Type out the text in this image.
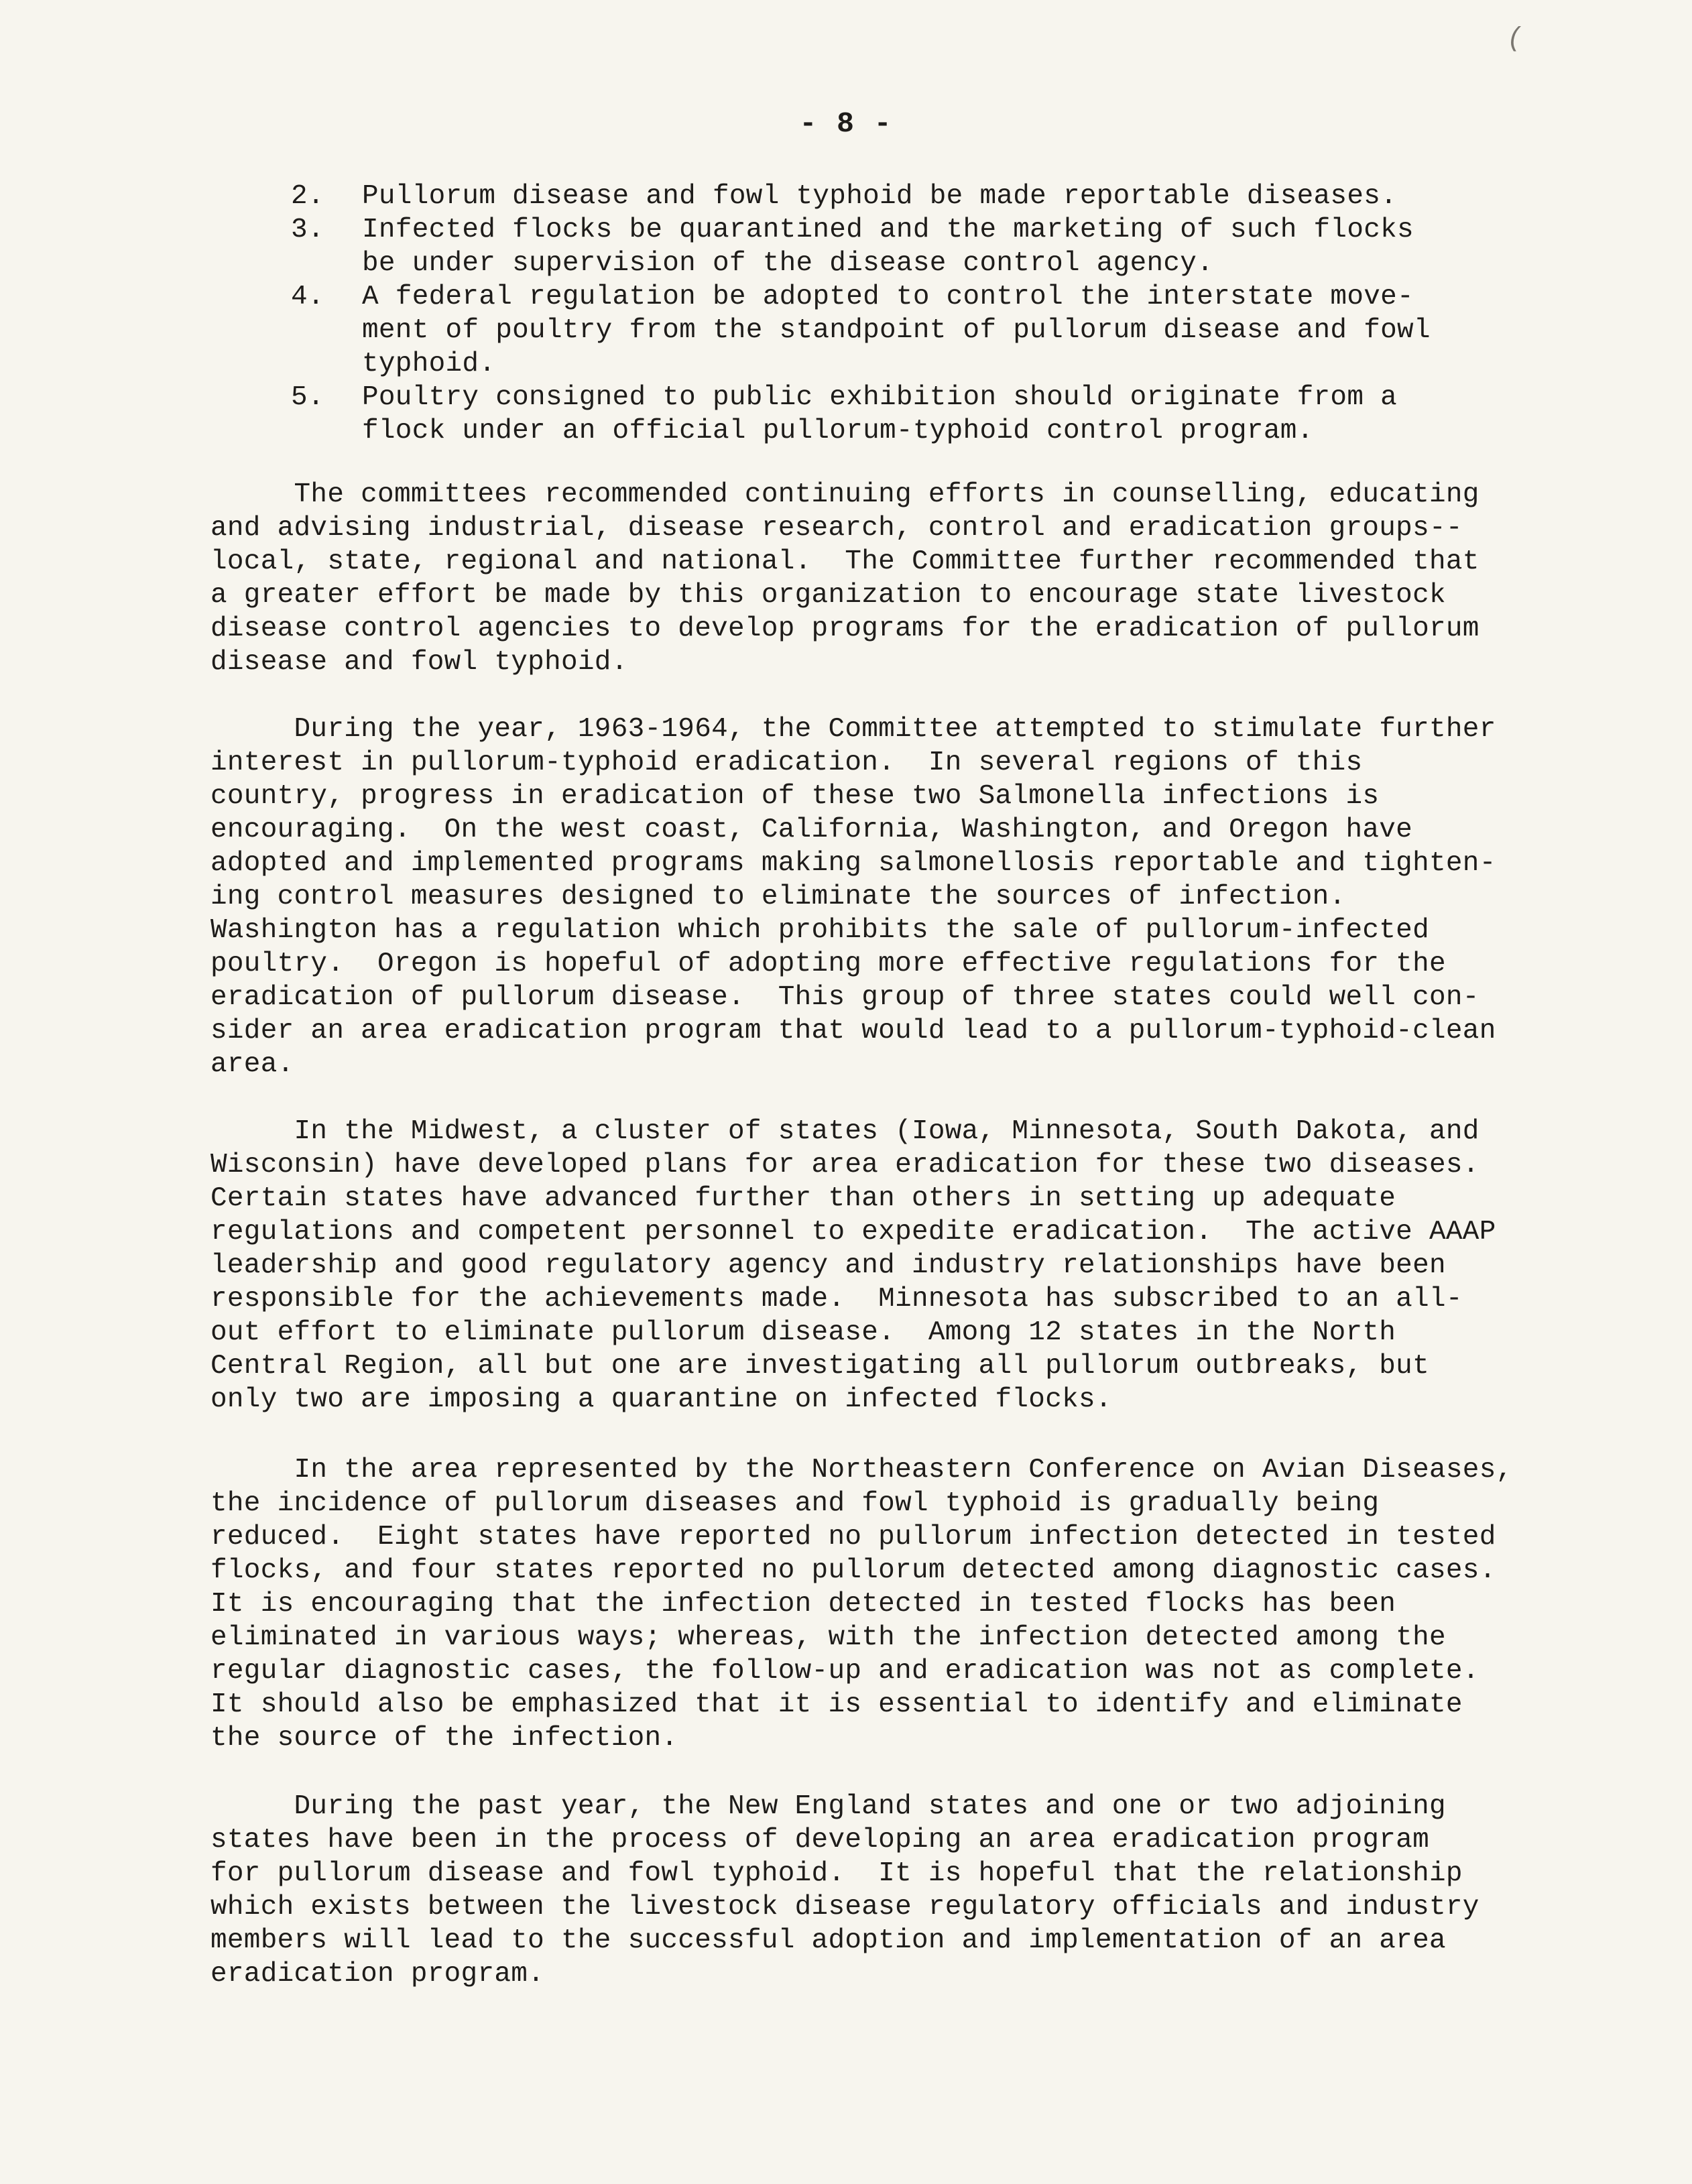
(
- 8 -
2.	Pullorum disease and fowl typhoid be made reportable diseases.
3.	Infected flocks be quarantined and the marketing of such flocks
be under supervision of the disease control agency.
4.	A federal regulation be adopted to control the interstate move-
ment of poultry from the standpoint of pullorum disease and fowl
typhoid.
5.	Poultry consigned to public exhibition should originate from a
flock under an official pullorum-typhoid control program.

The committees recommended continuing efforts in counselling, educating
and advising industrial, disease research, control and eradication groups--
local, state, regional and national.  The Committee further recommended that
a greater effort be made by this organization to encourage state livestock
disease control agencies to develop programs for the eradication of pullorum
disease and fowl typhoid.

During the year, 1963-1964, the Committee attempted to stimulate further
interest in pullorum-typhoid eradication.  In several regions of this
country, progress in eradication of these two Salmonella infections is
encouraging.  On the west coast, California, Washington, and Oregon have
adopted and implemented programs making salmonellosis reportable and tighten-
ing control measures designed to eliminate the sources of infection.
Washington has a regulation which prohibits the sale of pullorum-infected
poultry.  Oregon is hopeful of adopting more effective regulations for the
eradication of pullorum disease.  This group of three states could well con-
sider an area eradication program that would lead to a pullorum-typhoid-clean
area.

In the Midwest, a cluster of states (Iowa, Minnesota, South Dakota, and
Wisconsin) have developed plans for area eradication for these two diseases.
Certain states have advanced further than others in setting up adequate
regulations and competent personnel to expedite eradication.  The active AAAP
leadership and good regulatory agency and industry relationships have been
responsible for the achievements made.  Minnesota has subscribed to an all-
out effort to eliminate pullorum disease.  Among 12 states in the North
Central Region, all but one are investigating all pullorum outbreaks, but
only two are imposing a quarantine on infected flocks.

In the area represented by the Northeastern Conference on Avian Diseases,
the incidence of pullorum diseases and fowl typhoid is gradually being
reduced.  Eight states have reported no pullorum infection detected in tested
flocks, and four states reported no pullorum detected among diagnostic cases.
It is encouraging that the infection detected in tested flocks has been
eliminated in various ways; whereas, with the infection detected among the
regular diagnostic cases, the follow-up and eradication was not as complete.
It should also be emphasized that it is essential to identify and eliminate
the source of the infection.

During the past year, the New England states and one or two adjoining
states have been in the process of developing an area eradication program
for pullorum disease and fowl typhoid.  It is hopeful that the relationship
which exists between the livestock disease regulatory officials and industry
members will lead to the successful adoption and implementation of an area
eradication program.
